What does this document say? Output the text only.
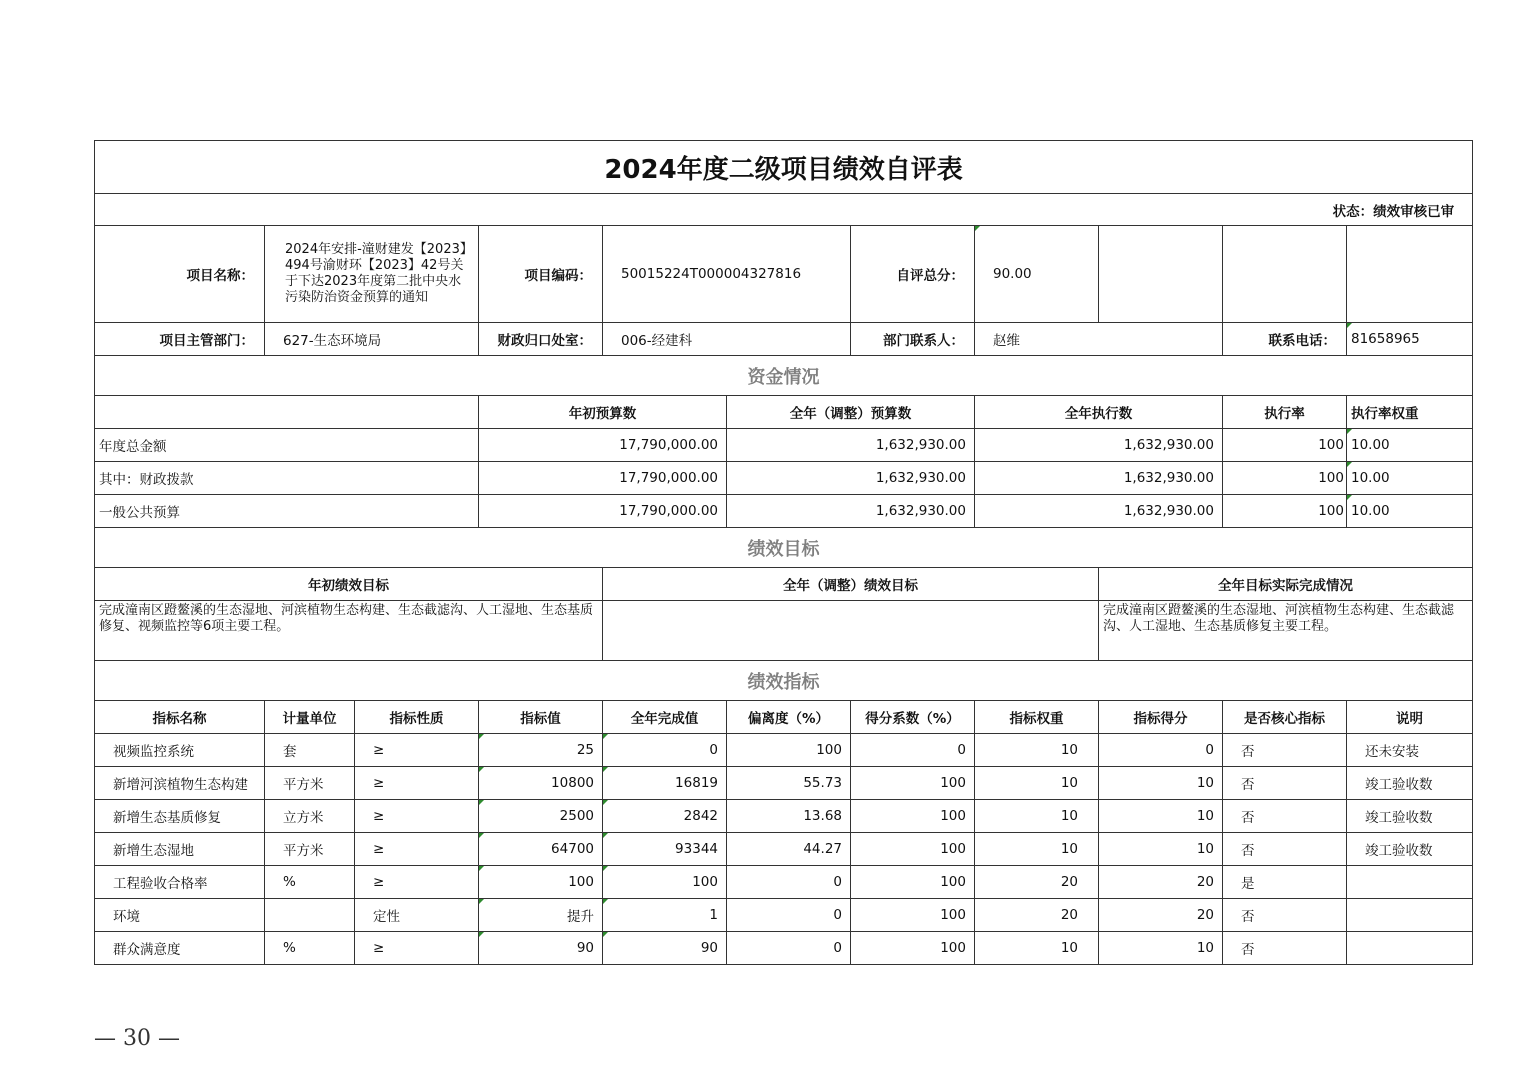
2024年度二级项目绩效自评表											
状态：绩效审核已审											
项目名称：	2024年安排-潼财建发【2023】494号渝财环【2023】42号关于下达2023年度第二批中央水污染防治资金预算的通知		项目编码：	50015224T000004327816		自评总分：	90.00				
项目主管部门：	627-生态环境局		财政归口处室：	006-经建科		部门联系人：	赵维		联系电话：	81658965	
资金情况											
			年初预算数		全年（调整）预算数		全年执行数		执行率	执行率权重	
年度总金额			17,790,000.00		1,632,930.00		1,632,930.00		100	10.00	
其中：财政拨款			17,790,000.00		1,632,930.00		1,632,930.00		100	10.00	
一般公共预算			17,790,000.00		1,632,930.00		1,632,930.00		100	10.00	
绩效目标											
年初绩效目标				全年（调整）绩效目标				全年目标实际完成情况			
完成潼南区蹬鳌溪的生态湿地、河滨植物生态构建、生态截滤沟、人工湿地、生态基质修复、视频监控等6项主要工程。								完成潼南区蹬鳌溪的生态湿地、河滨植物生态构建、生态截滤沟、人工湿地、生态基质修复主要工程。			
绩效指标											
指标名称	计量单位	指标性质	指标值	全年完成值	偏离度（%）	得分系数（%）	指标权重	指标得分	是否核心指标	说明	
视频监控系统	套	≥	25	0	100	0	10	0	否	还未安装	
新增河滨植物生态构建	平方米	≥	10800	16819	55.73	100	10	10	否	竣工验收数	
新增生态基质修复	立方米	≥	2500	2842	13.68	100	10	10	否	竣工验收数	
新增生态湿地	平方米	≥	64700	93344	44.27	100	10	10	否	竣工验收数	
工程验收合格率	%	≥	100	100	0	100	20	20	是		
环境		定性	提升	1	0	100	20	20	否		
群众满意度	%	≥	90	90	0	100	10	10	否		
— 30 —
